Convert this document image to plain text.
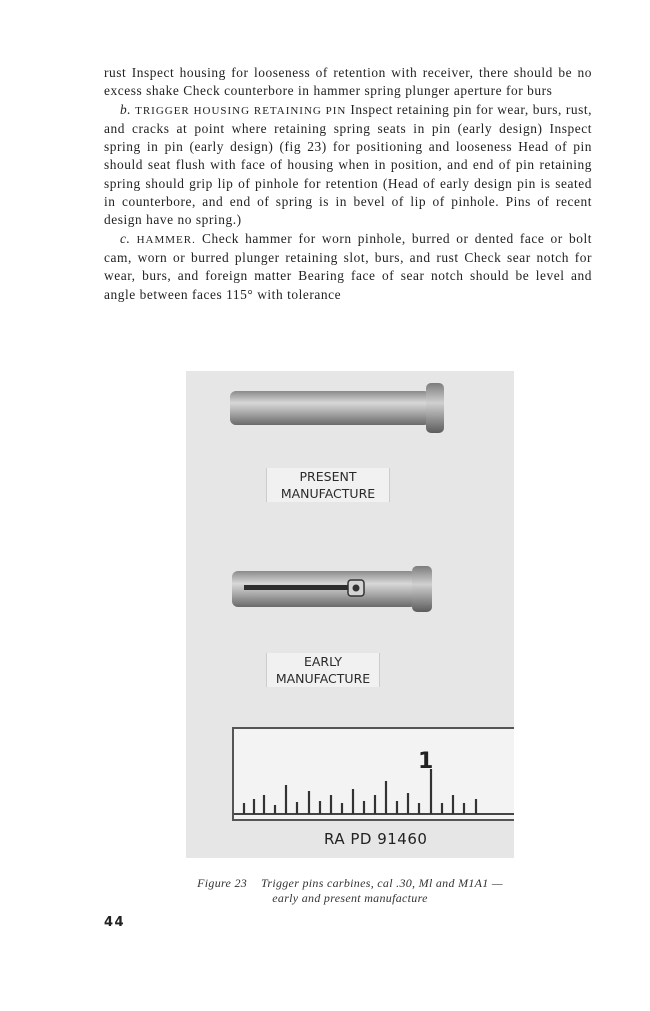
rust Inspect housing for looseness of retention with receiver, there should be no excess shake Check counterbore in hammer spring plunger aperture for burs

b. TRIGGER HOUSING RETAINING PIN Inspect retaining pin for wear, burs, rust, and cracks at point where retaining spring seats in pin (early design) Inspect spring in pin (early design) (fig 23) for positioning and looseness Head of pin should seat flush with face of housing when in position, and end of pin retaining spring should grip lip of pinhole for retention (Head of early design pin is seated in counterbore, and end of spring is in bevel of lip of pinhole. Pins of recent design have no spring.)

c. HAMMER. Check hammer for worn pinhole, burred or dented face or bolt cam, worn or burred plunger retaining slot, burs, and rust Check sear notch for wear, burs, and foreign matter Bearing face of sear notch should be level and angle between faces 115° with tolerance

PRESENT
MANUFACTURE
EARLY
MANUFACTURE
1
RA PD 91460
Figure 23 Trigger pins carbines, cal .30, Ml and M1A1 —
early and present manufacture
44
